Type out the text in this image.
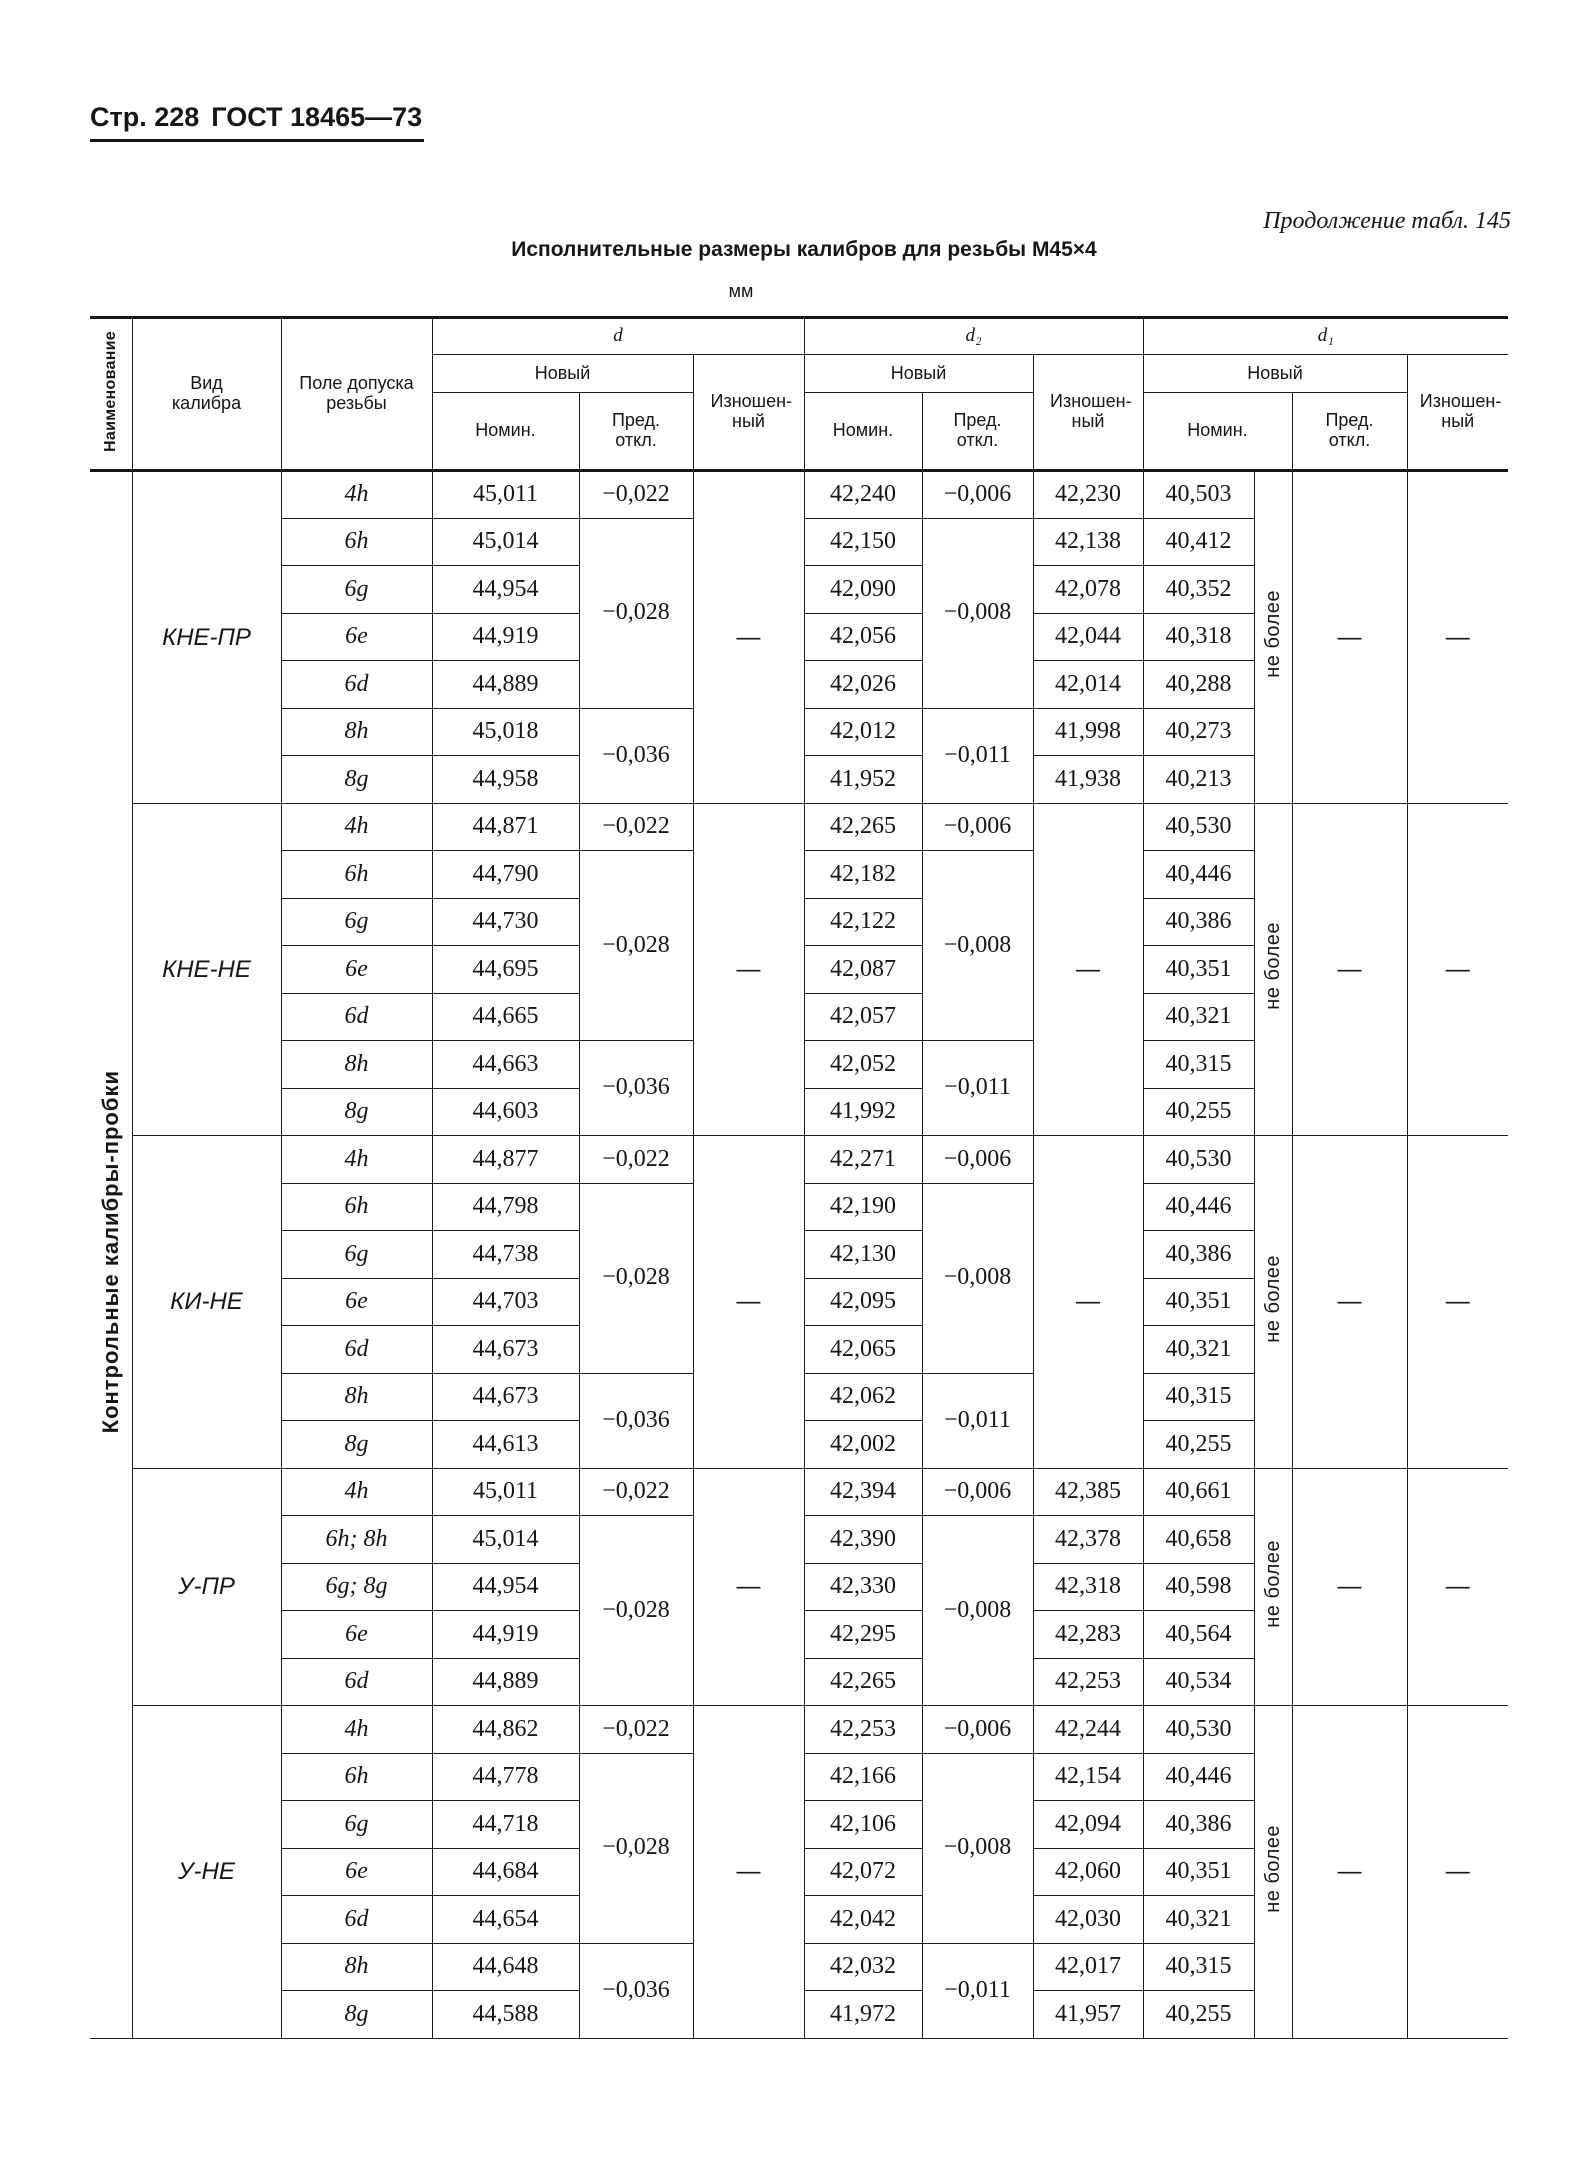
Стр. 228 ГОСТ 18465—73
Продолжение табл. 145
Исполнительные размеры калибров для резьбы М45×4
мм
Наименование	Вид калибра	Поле допуска резьбы	d			d₂			d₁			
			Новый		Изношенный	Новый		Изношенный	Новый			Изношенный
			Номин.	Пред. откл.		Номин.	Пред. откл.		Номин.		Пред. откл.	
Контрольные калибры-пробки	КНЕ-ПР	4h	45,011	−0,022	—	42,240	−0,006	42,230	40,503	не более	—	—
		6h	45,014	−0,028		42,150	−0,008	42,138	40,412			
		6g	44,954			42,090		42,078	40,352			
		6e	44,919			42,056		42,044	40,318			
		6d	44,889			42,026		42,014	40,288			
		8h	45,018	−0,036		42,012	−0,011	41,998	40,273			
		8g	44,958			41,952		41,938	40,213			
	КНЕ-НЕ	4h	44,871	−0,022	—	42,265	−0,006	—	40,530	не более	—	—
		6h	44,790	−0,028		42,182	−0,008		40,446			
		6g	44,730			42,122			40,386			
		6e	44,695			42,087			40,351			
		6d	44,665			42,057			40,321			
		8h	44,663	−0,036		42,052	−0,011		40,315			
		8g	44,603			41,992			40,255			
	КИ-НЕ	4h	44,877	−0,022	—	42,271	−0,006	—	40,530	не более	—	—
		6h	44,798	−0,028		42,190	−0,008		40,446			
		6g	44,738			42,130			40,386			
		6e	44,703			42,095			40,351			
		6d	44,673			42,065			40,321			
		8h	44,673	−0,036		42,062	−0,011		40,315			
		8g	44,613			42,002			40,255			
	У-ПР	4h	45,011	−0,022	—	42,394	−0,006	42,385	40,661	не более	—	—
		6h; 8h	45,014	−0,028		42,390	−0,008	42,378	40,658			
		6g; 8g	44,954			42,330		42,318	40,598			
		6e	44,919			42,295		42,283	40,564			
		6d	44,889			42,265		42,253	40,534			
	У-НЕ	4h	44,862	−0,022	—	42,253	−0,006	42,244	40,530	не более	—	—
		6h	44,778	−0,028		42,166	−0,008	42,154	40,446			
		6g	44,718			42,106		42,094	40,386			
		6e	44,684			42,072		42,060	40,351			
		6d	44,654			42,042		42,030	40,321			
		8h	44,648	−0,036		42,032	−0,011	42,017	40,315			
		8g	44,588			41,972		41,957	40,255			
